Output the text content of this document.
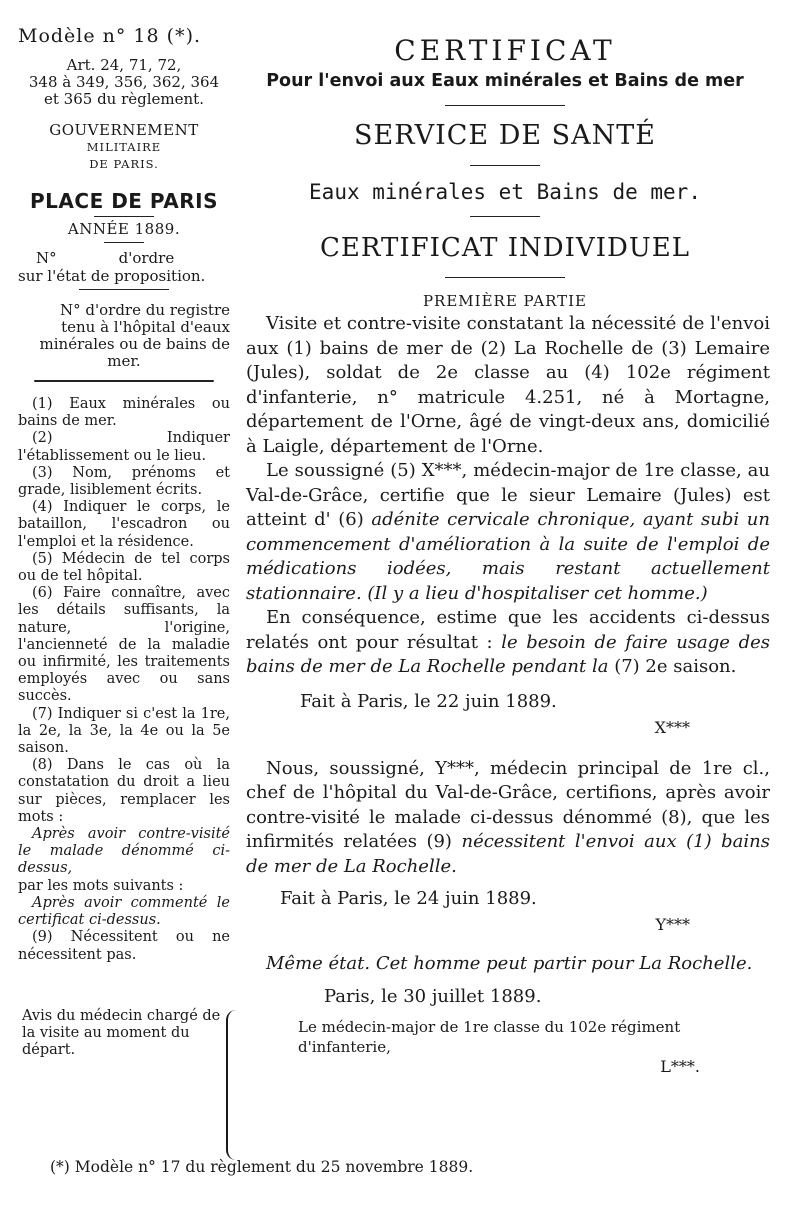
Modèle n° 18 (*).
Art. 24, 71, 72,
348 à 349, 356, 362, 364
et 365 du règlement.
GOUVERNEMENT
MILITAIRE
DE PARIS.
PLACE DE PARIS
ANNÉE 1889.
N°	d'ordre
sur l'état de proposition.
N° d'ordre du registre
tenu à l'hôpital d'eaux
minérales ou de bains de
mer.

(1) Eaux minérales ou bains de mer.

(2) Indiquer l'établissement ou le lieu.

(3) Nom, prénoms et grade, lisiblement écrits.

(4) Indiquer le corps, le bataillon, l'escadron ou l'emploi et la résidence.

(5) Médecin de tel corps ou de tel hôpital.

(6) Faire connaître, avec les détails suffisants, la nature, l'origine, l'ancienneté de la maladie ou infirmité, les traitements employés avec ou sans succès.

(7) Indiquer si c'est la 1re, la 2e, la 3e, la 4e ou la 5e saison.

(8) Dans le cas où la constatation du droit a lieu sur pièces, remplacer les mots :

Après avoir contre-visité le malade dénommé ci-dessus,

par les mots suivants :

Après avoir commenté le certificat ci-dessus.

(9) Nécessitent ou ne nécessitent pas.

Avis du médecin chargé de la visite au moment du départ.
CERTIFICAT
Pour l'envoi aux Eaux minérales et Bains de mer
SERVICE DE SANTÉ
Eaux minérales et Bains de mer.
CERTIFICAT INDIVIDUEL
PREMIÈRE PARTIE

Visite et contre-visite constatant la nécessité de l'envoi aux (1) bains de mer de (2) La Rochelle de (3) Lemaire (Jules), soldat de 2e classe au (4) 102e régiment d'infanterie, n° matricule 4.251, né à Mortagne, département de l'Orne, âgé de vingt-deux ans, domicilié à Laigle, département de l'Orne.

Le soussigné (5) X***, médecin-major de 1re classe, au Val-de-Grâce, certifie que le sieur Lemaire (Jules) est atteint d' (6) adénite cervicale chronique, ayant subi un commencement d'amélioration à la suite de l'emploi de médications iodées, mais restant actuellement stationnaire. (Il y a lieu d'hospitaliser cet homme.)

En conséquence, estime que les accidents ci-dessus relatés ont pour résultat : le besoin de faire usage des bains de mer de La Rochelle pendant la (7) 2e saison.

Fait à Paris, le 22 juin 1889.
X***

Nous, soussigné, Y***, médecin principal de 1re cl., chef de l'hôpital du Val-de-Grâce, certifions, après avoir contre-visité le malade ci-dessus dénommé (8), que les infirmités relatées (9) nécessitent l'envoi aux (1) bains de mer de La Rochelle.

Fait à Paris, le 24 juin 1889.
Y***

Même état. Cet homme peut partir pour La Rochelle.

Paris, le 30 juillet 1889.
Le médecin-major de 1re classe du 102e régiment d'infanterie,
L***.
(*) Modèle n° 17 du règlement du 25 novembre 1889.
